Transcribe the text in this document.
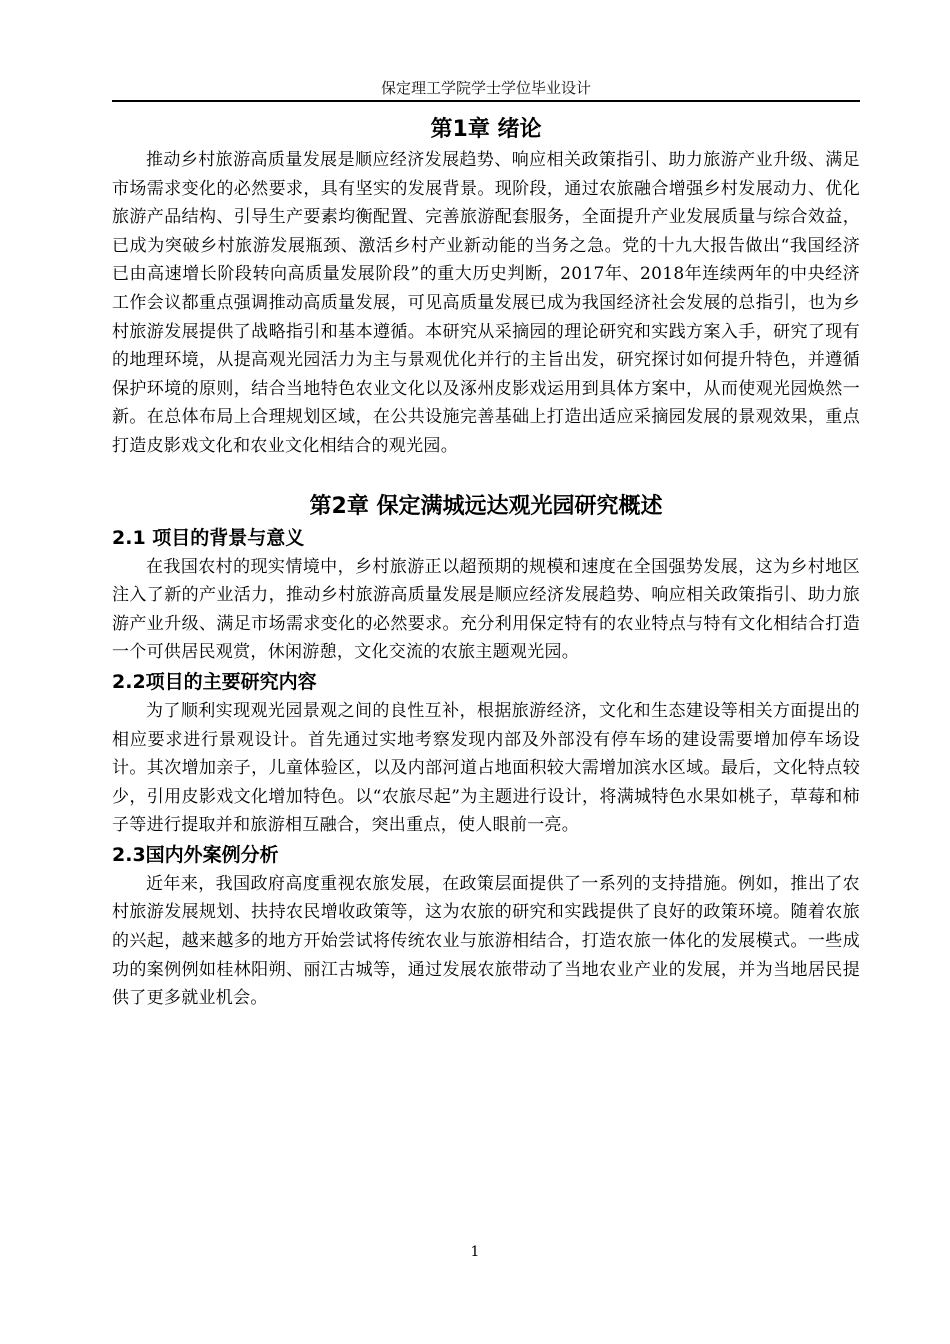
保定理工学院学士学位毕业设计
第1章 绪论

推动乡村旅游高质量发展是顺应经济发展趋势、响应相关政策指引、助力旅游产业升级、满足市场需求变化的必然要求，具有坚实的发展背景。现阶段，通过农旅融合增强乡村发展动力、优化旅游产品结构、引导生产要素均衡配置、完善旅游配套服务，全面提升产业发展质量与综合效益，已成为突破乡村旅游发展瓶颈、激活乡村产业新动能的当务之急。党的十九大报告做出“我国经济已由高速增长阶段转向高质量发展阶段”的重大历史判断，2017年、2018年连续两年的中央经济工作会议都重点强调推动高质量发展，可见高质量发展已成为我国经济社会发展的总指引，也为乡村旅游发展提供了战略指引和基本遵循。本研究从采摘园的理论研究和实践方案入手，研究了现有的地理环境，从提高观光园活力为主与景观优化并行的主旨出发，研究探讨如何提升特色，并遵循保护环境的原则，结合当地特色农业文化以及涿州皮影戏运用到具体方案中，从而使观光园焕然一新。在总体布局上合理规划区域，在公共设施完善基础上打造出适应采摘园发展的景观效果，重点打造皮影戏文化和农业文化相结合的观光园。

第2章 保定满城远达观光园研究概述
2.1 项目的背景与意义

在我国农村的现实情境中，乡村旅游正以超预期的规模和速度在全国强势发展，这为乡村地区注入了新的产业活力，推动乡村旅游高质量发展是顺应经济发展趋势、响应相关政策指引、助力旅游产业升级、满足市场需求变化的必然要求。充分利用保定特有的农业特点与特有文化相结合打造一个可供居民观赏，休闲游憩，文化交流的农旅主题观光园。

2.2项目的主要研究内容

为了顺利实现观光园景观之间的良性互补，根据旅游经济，文化和生态建设等相关方面提出的相应要求进行景观设计。首先通过实地考察发现内部及外部没有停车场的建设需要增加停车场设计。其次增加亲子，儿童体验区，以及内部河道占地面积较大需增加滨水区域。最后，文化特点较少，引用皮影戏文化增加特色。以“农旅尽起”为主题进行设计，将满城特色水果如桃子，草莓和柿子等进行提取并和旅游相互融合，突出重点，使人眼前一亮。

2.3国内外案例分析

近年来，我国政府高度重视农旅发展，在政策层面提供了一系列的支持措施。例如，推出了农村旅游发展规划、扶持农民增收政策等，这为农旅的研究和实践提供了良好的政策环境。随着农旅的兴起，越来越多的地方开始尝试将传统农业与旅游相结合，打造农旅一体化的发展模式。一些成功的案例例如桂林阳朔、丽江古城等，通过发展农旅带动了当地农业产业的发展，并为当地居民提供了更多就业机会。

1
